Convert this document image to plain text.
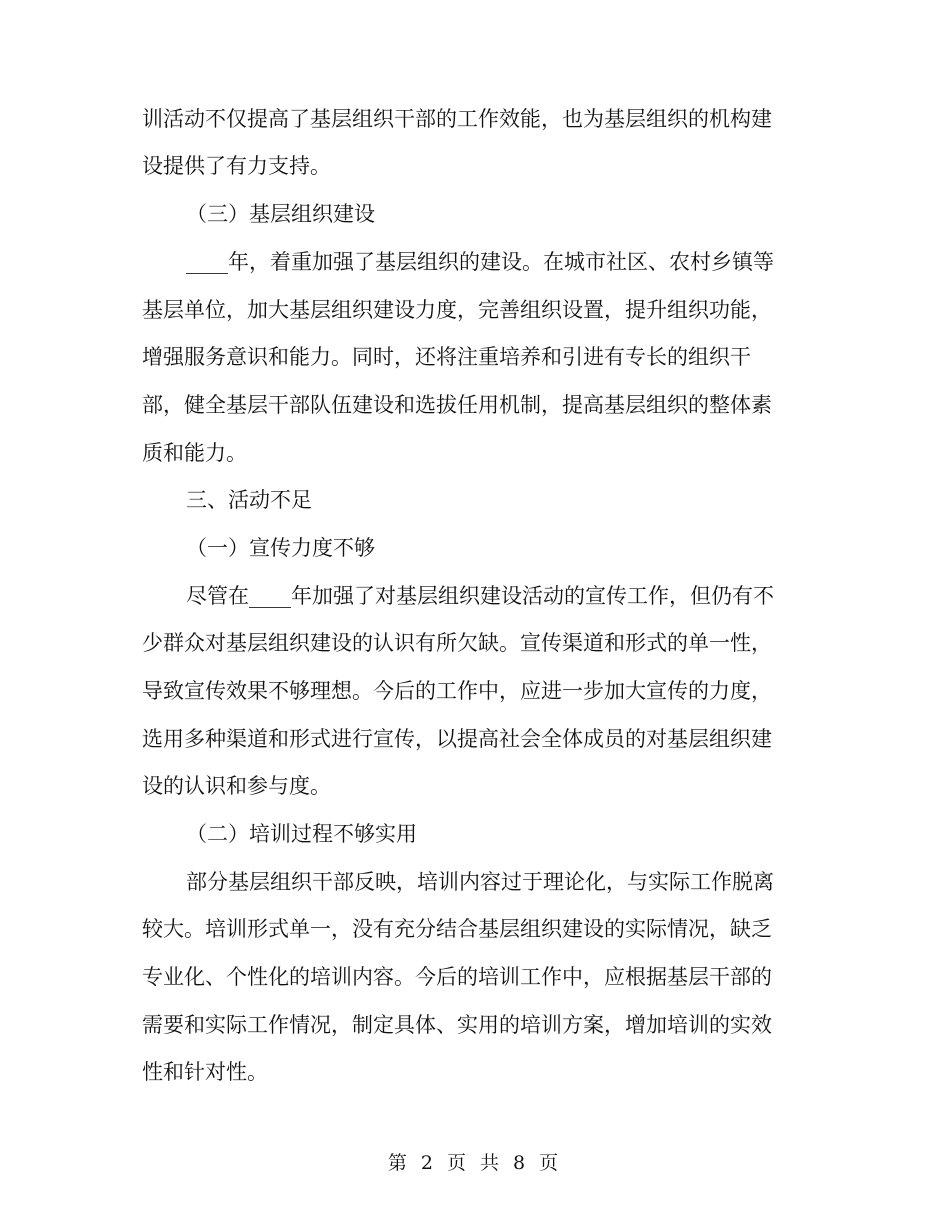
训活动不仅提高了基层组织干部的工作效能，也为基层组织的机构建
设提供了有力支持。
（三）基层组织建设
____年，着重加强了基层组织的建设。在城市社区、农村乡镇等
基层单位，加大基层组织建设力度，完善组织设置，提升组织功能，
增强服务意识和能力。同时，还将注重培养和引进有专长的组织干
部，健全基层干部队伍建设和选拔任用机制，提高基层组织的整体素
质和能力。
三、活动不足
（一）宣传力度不够
尽管在____年加强了对基层组织建设活动的宣传工作，但仍有不
少群众对基层组织建设的认识有所欠缺。宣传渠道和形式的单一性，
导致宣传效果不够理想。今后的工作中，应进一步加大宣传的力度，
选用多种渠道和形式进行宣传，以提高社会全体成员的对基层组织建
设的认识和参与度。
（二）培训过程不够实用
部分基层组织干部反映，培训内容过于理论化，与实际工作脱离
较大。培训形式单一，没有充分结合基层组织建设的实际情况，缺乏
专业化、个性化的培训内容。今后的培训工作中，应根据基层干部的
需要和实际工作情况，制定具体、实用的培训方案，增加培训的实效
性和针对性。
第 2 页 共 8 页
